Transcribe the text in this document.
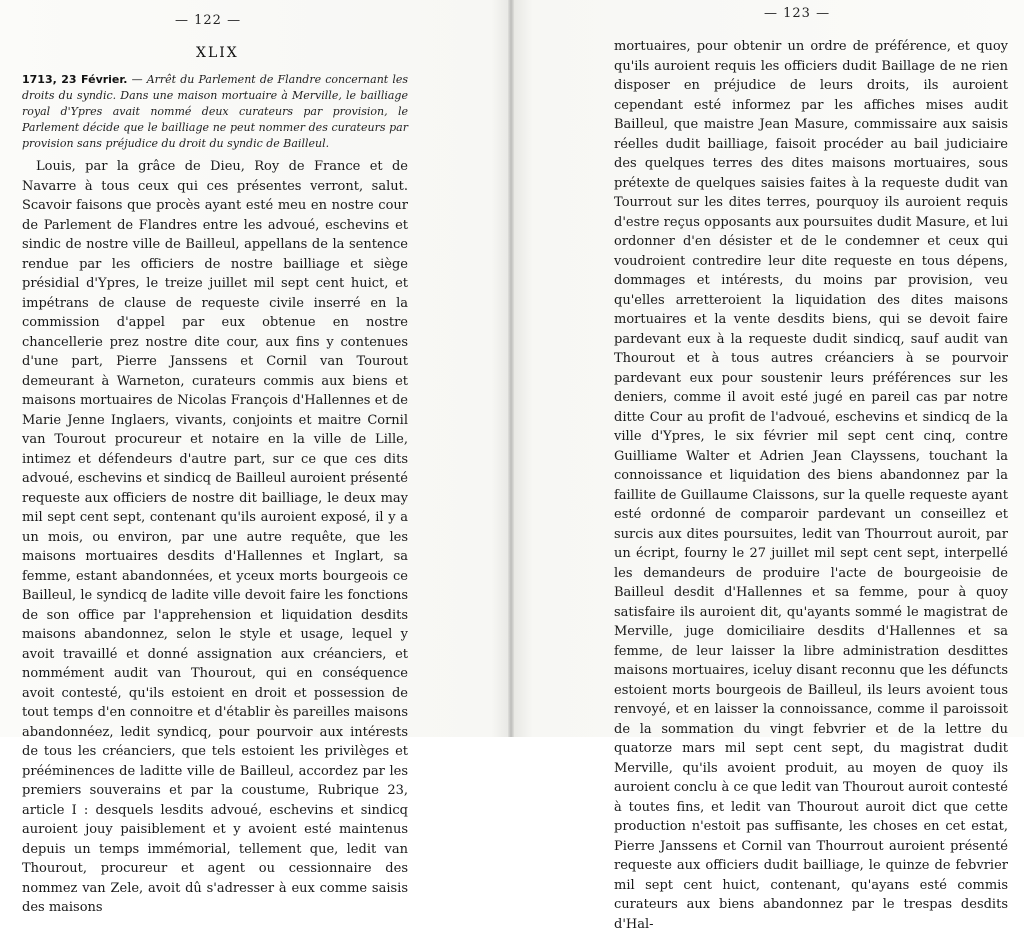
— 122 —
XLIX
1713, 23 Février. — Arrêt du Parlement de Flandre concernant les droits du syndic. Dans une maison mortuaire à Merville, le bailliage royal d'Ypres avait nommé deux curateurs par provision, le Parlement décide que le bailliage ne peut nommer des curateurs par provision sans préjudice du droit du syndic de Bailleul.

Louis, par la grâce de Dieu, Roy de France et de Navarre à tous ceux qui ces présentes verront, salut. Scavoir faisons que procès ayant esté meu en nostre cour de Parlement de Flandres entre les advoué, eschevins et sindic de nostre ville de Bailleul, appellans de la sentence rendue par les officiers de nostre bailliage et siège présidial d'Ypres, le treize juillet mil sept cent huict, et impétrans de clause de requeste civile inserré en la commission d'appel par eux obtenue en nostre chancellerie prez nostre dite cour, aux fins y contenues d'une part, Pierre Janssens et Cornil van Tourout demeurant à Warneton, curateurs commis aux biens et maisons mortuaires de Nicolas François d'Hallennes et de Marie Jenne Inglaers, vivants, conjoints et maitre Cornil van Tourout procureur et notaire en la ville de Lille, intimez et défendeurs d'autre part, sur ce que ces dits advoué, eschevins et sindicq de Bailleul auroient présenté requeste aux officiers de nostre dit bailliage, le deux may mil sept cent sept, contenant qu'ils auroient exposé, il y a un mois, ou environ, par une autre requête, que les maisons mortuaires desdits d'Hallennes et Inglart, sa femme, estant abandonnées, et yceux morts bourgeois ce Bailleul, le syndicq de ladite ville devoit faire les fonctions de son office par l'apprehension et liquidation desdits maisons abandonnez, selon le style et usage, lequel y avoit travaillé et donné assignation aux créanciers, et nommément audit van Thourout, qui en conséquence avoit contesté, qu'ils estoient en droit et possession de tout temps d'en connoitre et d'établir ès pareilles maisons abandonnéez, ledit syndicq, pour pourvoir aux intérests de tous les créanciers, que tels estoient les privilèges et prééminences de laditte ville de Bailleul, accordez par les premiers souverains et par la coustume, Rubrique 23, article I : desquels lesdits advoué, eschevins et sindicq auroient jouy paisiblement et y avoient esté maintenus depuis un temps immémorial, tellement que, ledit van Thourout, procureur et agent ou cessionnaire des nommez van Zele, avoit dû s'adresser à eux comme saisis des maisons

— 123 —

mortuaires, pour obtenir un ordre de préférence, et quoy qu'ils auroient requis les officiers dudit Baillage de ne rien disposer en préjudice de leurs droits, ils auroient cependant esté informez par les affiches mises audit Bailleul, que maistre Jean Masure, commissaire aux saisis réelles dudit bailliage, faisoit procéder au bail judiciaire des quelques terres des dites maisons mortuaires, sous prétexte de quelques saisies faites à la requeste dudit van Tourrout sur les dites terres, pourquoy ils auroient requis d'estre reçus opposants aux poursuites dudit Masure, et lui ordonner d'en désister et de le condemner et ceux qui voudroient contredire leur dite requeste en tous dépens, dommages et intérests, du moins par provision, veu qu'elles arretteroient la liquidation des dites maisons mortuaires et la vente desdits biens, qui se devoit faire pardevant eux à la requeste dudit sindicq, sauf audit van Thourout et à tous autres créanciers à se pourvoir pardevant eux pour soustenir leurs préférences sur les deniers, comme il avoit esté jugé en pareil cas par notre ditte Cour au profit de l'advoué, eschevins et sindicq de la ville d'Ypres, le six février mil sept cent cinq, contre Guilliame Walter et Adrien Jean Clayssens, touchant la connoissance et liquidation des biens abandonnez par la faillite de Guillaume Claissons, sur la quelle requeste ayant esté ordonné de comparoir pardevant un conseillez et surcis aux dites poursuites, ledit van Thourrout auroit, par un écript, fourny le 27 juillet mil sept cent sept, interpellé les demandeurs de produire l'acte de bourgeoisie de Bailleul desdit d'Hallennes et sa femme, pour à quoy satisfaire ils auroient dit, qu'ayants sommé le magistrat de Merville, juge domiciliaire desdits d'Hallennes et sa femme, de leur laisser la libre administration desdittes maisons mortuaires, iceluy disant reconnu que les défuncts estoient morts bourgeois de Bailleul, ils leurs avoient tous renvoyé, et en laisser la connoissance, comme il paroissoit de la sommation du vingt febvrier et de la lettre du quatorze mars mil sept cent sept, du magistrat dudit Merville, qu'ils avoient produit, au moyen de quoy ils auroient conclu à ce que ledit van Thourout auroit contesté à toutes fins, et ledit van Thourout auroit dict que cette production n'estoit pas suffisante, les choses en cet estat, Pierre Janssens et Cornil van Thourrout auroient présenté requeste aux officiers dudit bailliage, le quinze de febvrier mil sept cent huict, contenant, qu'ayans esté commis curateurs aux biens abandonnez par le trespas desdits d'Hal-
